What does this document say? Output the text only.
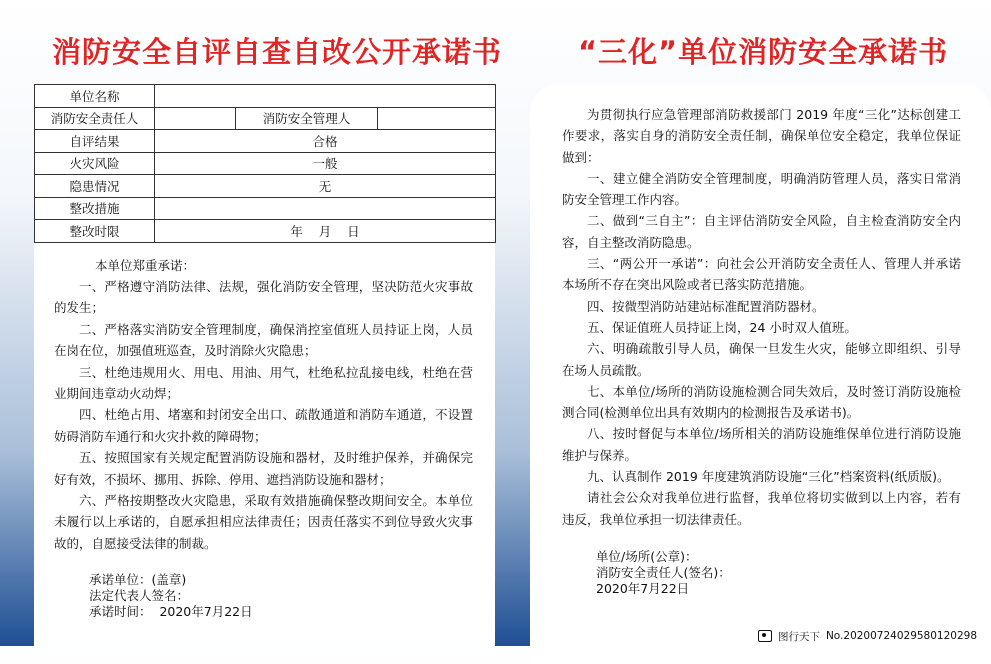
消防安全自评自查自改公开承诺书	“三化”单位消防安全承诺书
单位名称			
消防安全责任人		消防安全管理人	
自评结果	合格		
火灾风险	一般		
隐患情况	无		
整改措施			
整改时限	年    月    日		

本单位郑重承诺：

一、严格遵守消防法律、法规，强化消防安全管理，坚决防范火灾事故的发生；

二、严格落实消防安全管理制度，确保消控室值班人员持证上岗，人员在岗在位，加强值班巡查，及时消除火灾隐患；

三、杜绝违规用火、用电、用油、用气，杜绝私拉乱接电线，杜绝在营业期间违章动火动焊；

四、杜绝占用、堵塞和封闭安全出口、疏散通道和消防车通道，不设置妨碍消防车通行和火灾扑救的障碍物；

五、按照国家有关规定配置消防设施和器材，及时维护保养，并确保完好有效，不损坏、挪用、拆除、停用、遮挡消防设施和器材；

六、严格按期整改火灾隐患，采取有效措施确保整改期间安全。本单位未履行以上承诺的，自愿承担相应法律责任；因责任落实不到位导致火灾事故的，自愿接受法律的制裁。

承诺单位：(盖章)
法定代表人签名：
承诺时间：  2020年7月22日

为贯彻执行应急管理部消防救援部门 2019 年度“三化”达标创建工作要求，落实自身的消防安全责任制，确保单位安全稳定，我单位保证做到：

一、建立健全消防安全管理制度，明确消防管理人员，落实日常消防安全管理工作内容。

二、做到“三自主”：自主评估消防安全风险，自主检查消防安全内容，自主整改消防隐患。

三、“两公开一承诺”：向社会公开消防安全责任人、管理人并承诺本场所不存在突出风险或者已落实防范措施。

四、按微型消防站建站标准配置消防器材。

五、保证值班人员持证上岗，24 小时双人值班。

六、明确疏散引导人员，确保一旦发生火灾，能够立即组织、引导在场人员疏散。

七、本单位/场所的消防设施检测合同失效后，及时签订消防设施检测合同(检测单位出具有效期内的检测报告及承诺书)。

八、按时督促与本单位/场所相关的消防设施维保单位进行消防设施维护与保养。

九、认真制作 2019 年度建筑消防设施“三化”档案资料(纸质版)。

请社会公众对我单位进行监督，我单位将切实做到以上内容，若有违反，我单位承担一切法律责任。

单位/场所(公章)：
消防安全责任人(签名)：
2020年7月22日
图行天下 No.20200724029580120298
